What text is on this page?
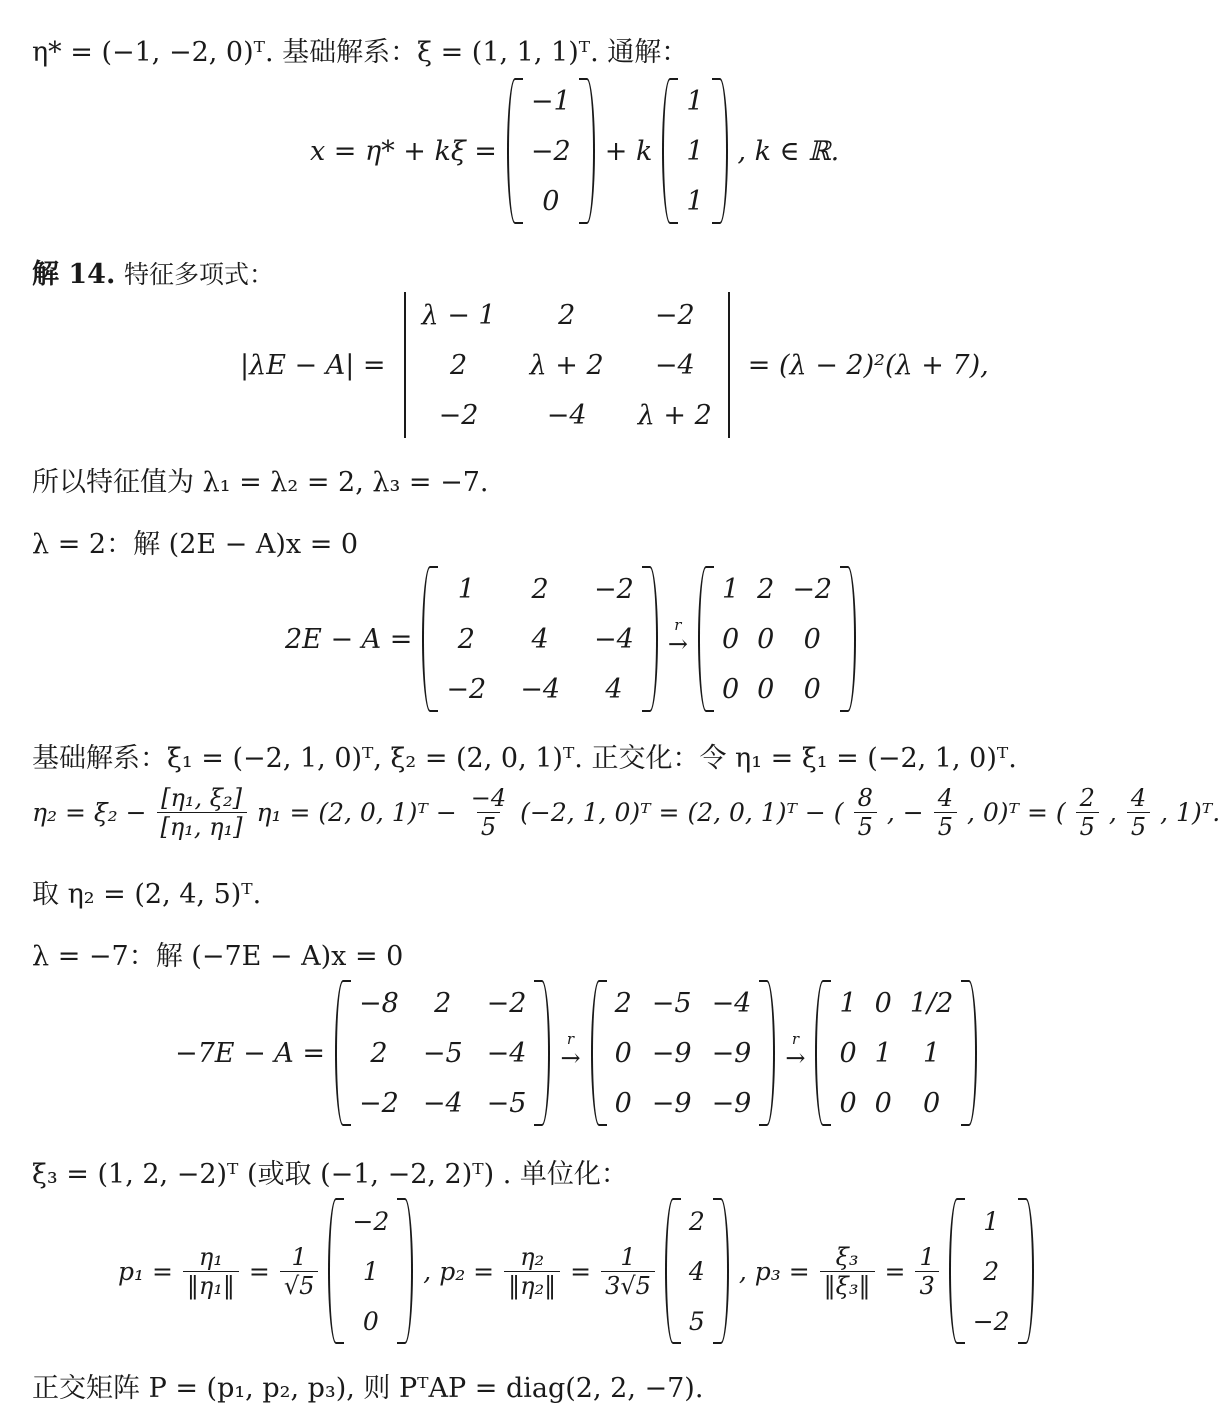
η* = (−1, −2, 0)ᵀ. 基础解系：ξ = (1, 1, 1)ᵀ. 通解：
x = η* + kξ =
−1
−2
0
+ k
1
1
1
, k ∈ ℝ.
解 14. 特征多项式：
|λE − A| =
λ − 1	2	−2
2	λ + 2	−4
−2	−4	λ + 2
= (λ − 2)²(λ + 7),
所以特征值为 λ₁ = λ₂ = 2, λ₃ = −7.
λ = 2：解 (2E − A)x = 0
2E − A =
1	2	−2
2	4	−4
−2 −4	4
r
→
1 2 −2
0 0	0
0 0	0
基础解系：ξ₁ = (−2, 1, 0)ᵀ, ξ₂ = (2, 0, 1)ᵀ. 正交化：令 η₁ = ξ₁ = (−2, 1, 0)ᵀ.
$\eta_2 = \xi_2 - \frac{\text{[η₁, ξ₂]}}{\text{[η₁, η₁]}} \eta_1 = (2$, 0, 1)ᵀ − $\frac{-4}{5} (-2$, 1, 0)ᵀ = (2, 0, 1)ᵀ − ( $\frac{8}{5}$ , − $\frac{4}{5}$ , 0)ᵀ = ( $\frac{2}{5}$ , $\frac{4}{5}$ , 1)ᵀ.
取 η₂ = (2, 4, 5)ᵀ.
λ = −7：解 (−7E − A)x = 0
−7E − A =
−8	2	−2
2	−5 −4
−2 −4 −5
r
→
2 −5 −4
0 −9 −9
0 −9 −9
r
→
1 0 1/2
0 1	1
0 0	0
ξ₃ = (1, 2, −2)ᵀ (或取 (−1, −2, 2)ᵀ) . 单位化：
$p_1 = \frac{\text{η₁}}{\text{‖η₁‖}} = \frac{1}{√5}$
−2
1
0
, $p_2 = \frac{\text{η₂}}{\text{‖η₂‖}} = \frac{1}{3√5}$
2
4
5
, $p_3 = \frac{\text{ξ₃}}{\text{‖ξ₃‖}} = \frac{1}{3}$
1
2
−2
正交矩阵 P = (p₁, p₂, p₃), 则 PᵀAP = diag(2, 2, −7).
